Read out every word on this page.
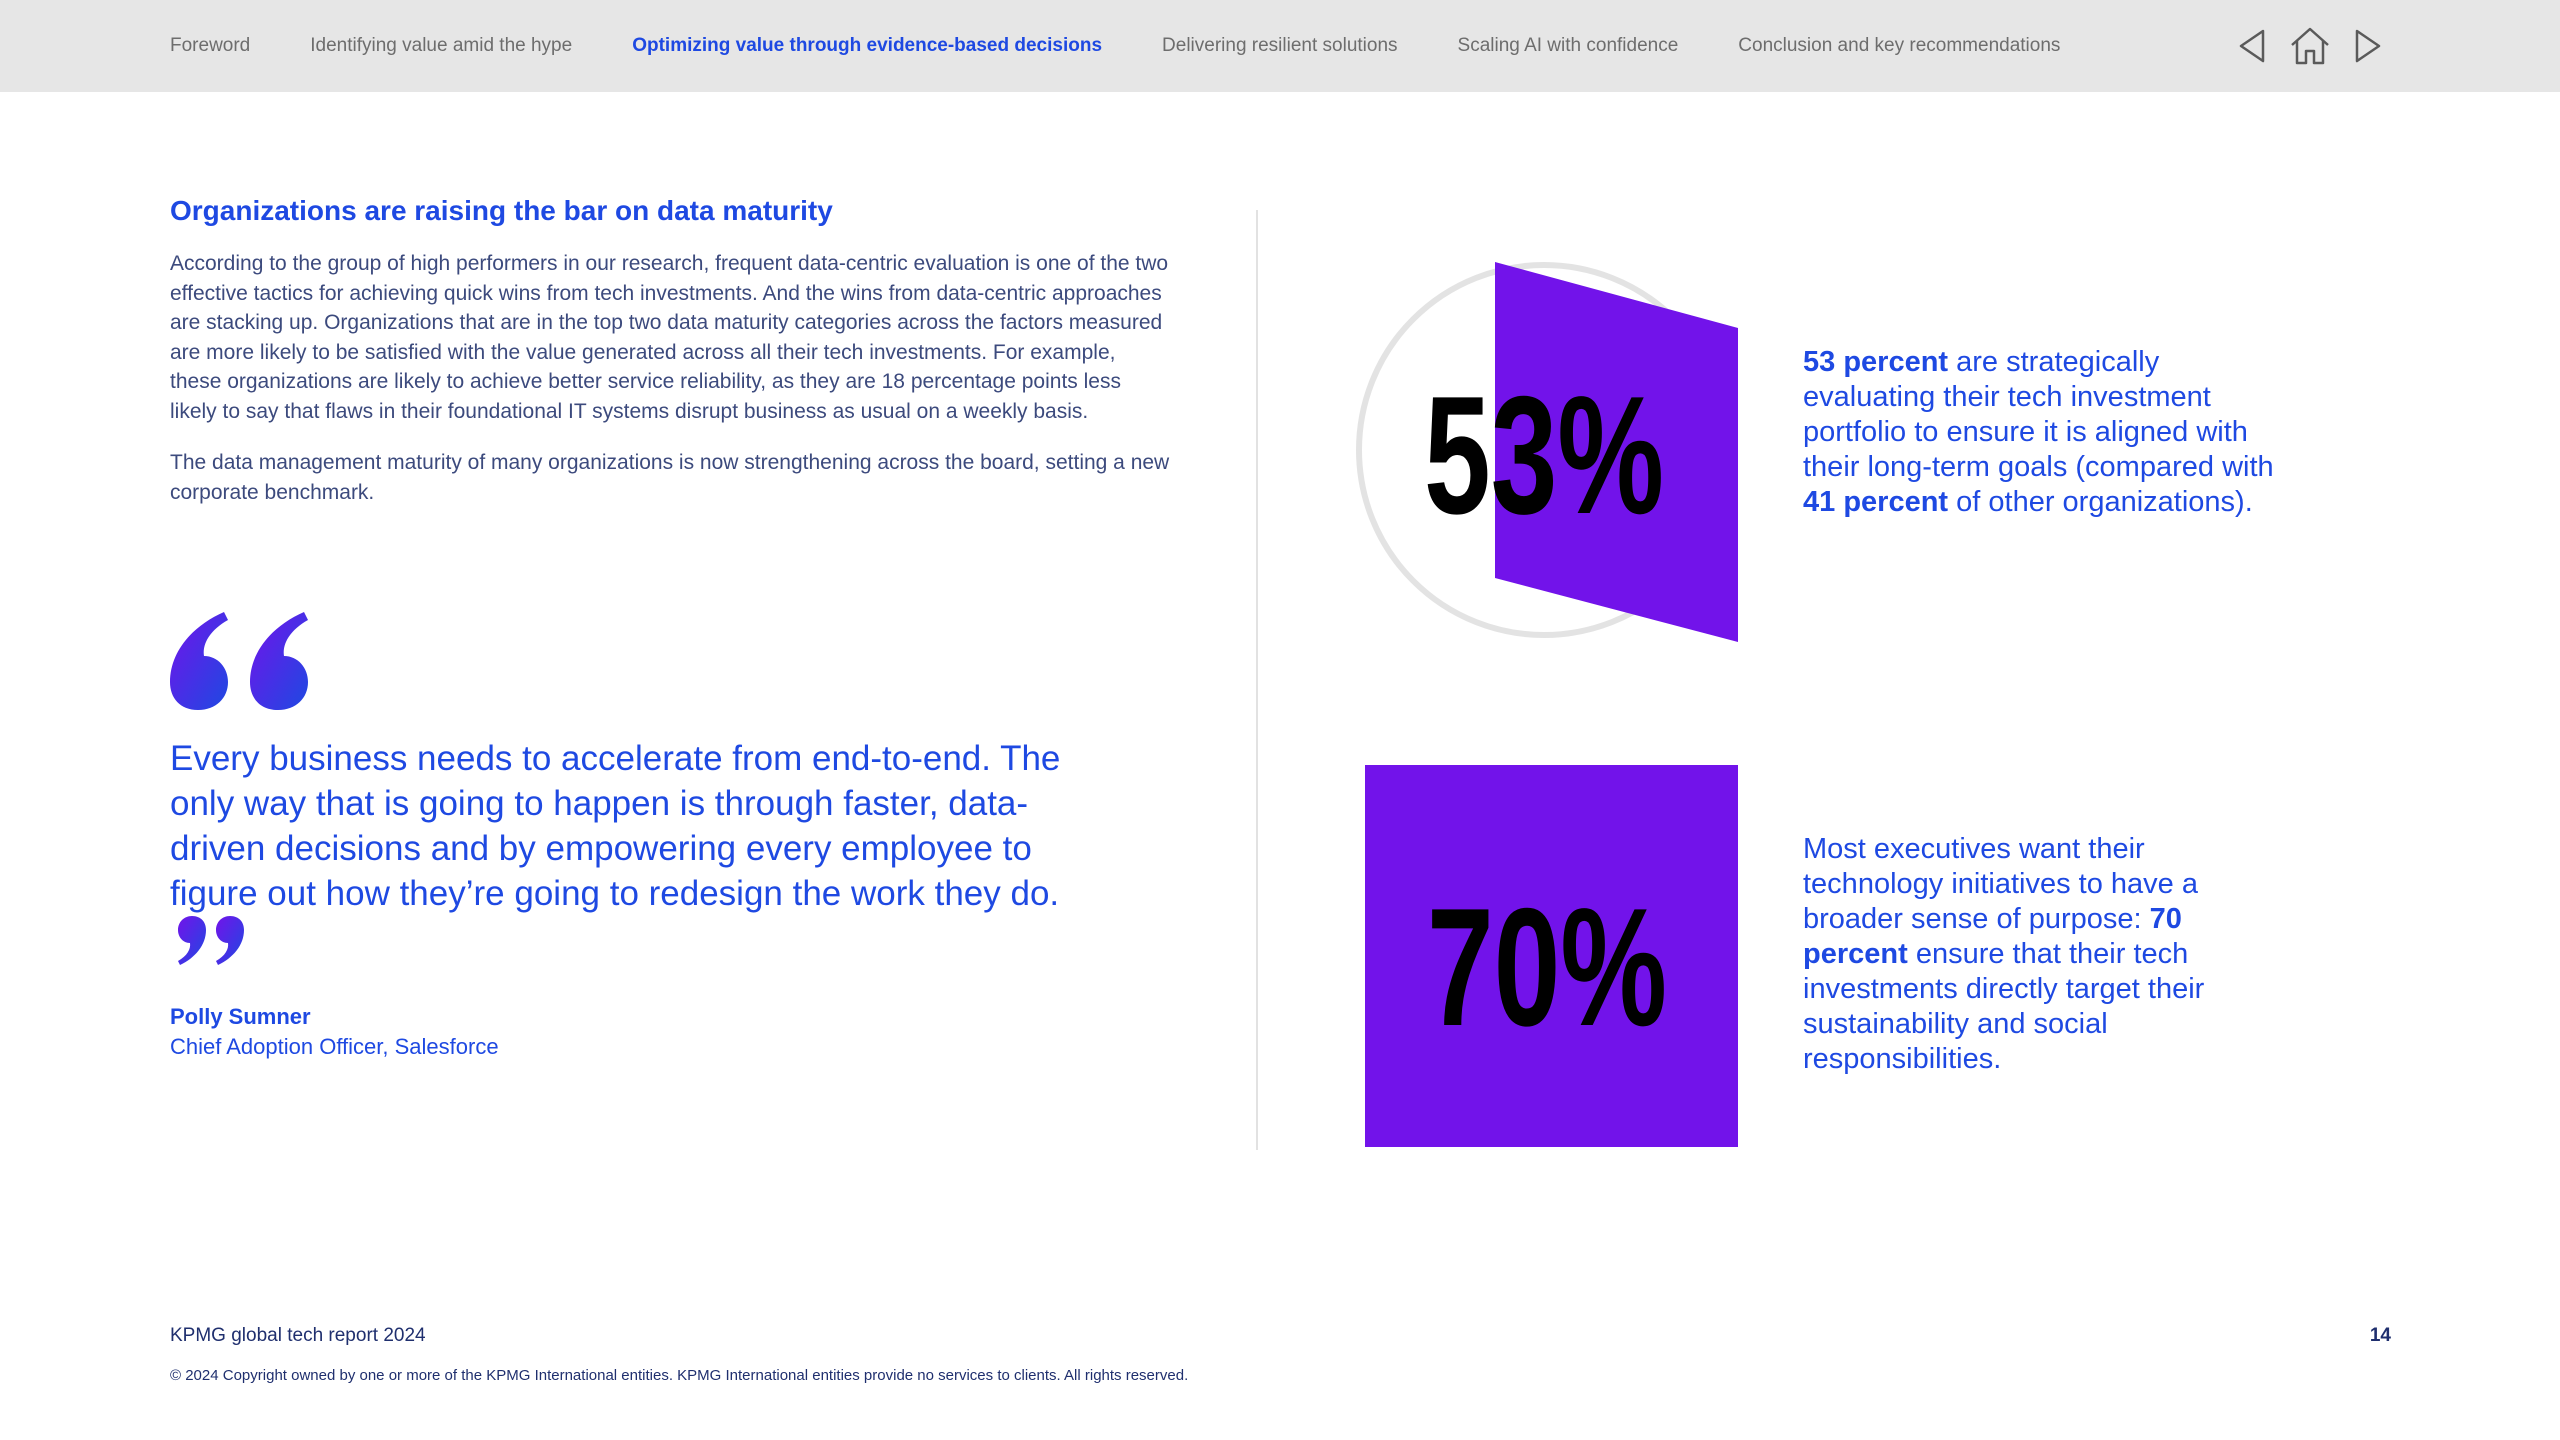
Foreword	Identifying value amid the hype	Optimizing value through evidence-based decisions	Delivering resilient solutions	Scaling AI with confidence	Conclusion and key recommendations
Organizations are raising the bar on data maturity

According to the group of high performers in our research, frequent data-centric evaluation is one of the two effective tactics for achieving quick wins from tech investments. And the wins from data-centric approaches are stacking up. Organizations that are in the top two data maturity categories across the factors measured are more likely to be satisfied with the value generated across all their tech investments. For example, these organizations are likely to achieve better service reliability, as they are 18 percentage points less likely to say that flaws in their foundational IT systems disrupt business as usual on a weekly basis.

The data management maturity of many organizations is now strengthening across the board, setting a new corporate benchmark.

Every business needs to accelerate from end-to-end. The only way that is going to happen is through faster, data-driven decisions and by empowering every employee to figure out how they’re going to redesign the work they do.
Polly Sumner
Chief Adoption Officer, Salesforce
53%	53 percent are strategically evaluating their tech investment portfolio to ensure it is aligned with their long-term goals (compared with 41 percent of other organizations).
70%
Most executives want their technology initiatives to have a broader sense of purpose: 70 percent ensure that their tech investments directly target their sustainability and social responsibilities.
KPMG global tech report 2024	14
© 2024 Copyright owned by one or more of the KPMG International entities. KPMG International entities provide no services to clients. All rights reserved.
